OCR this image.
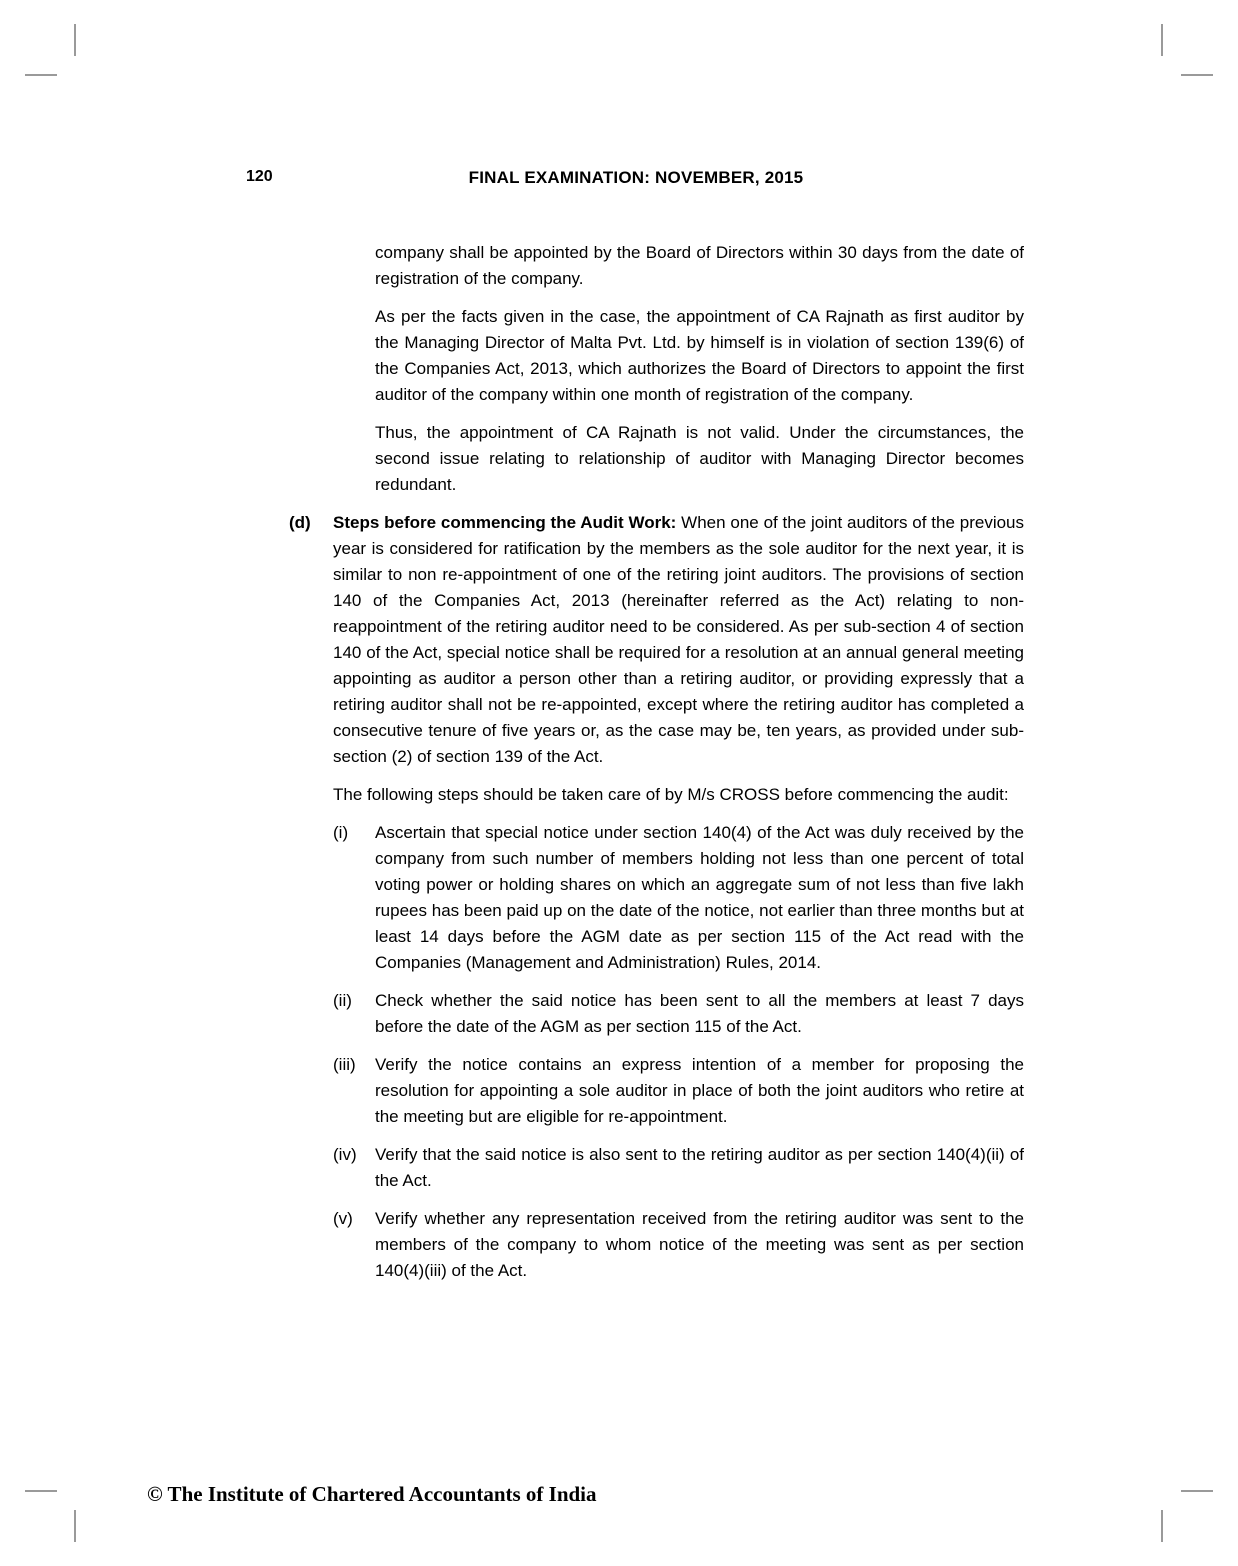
120	FINAL EXAMINATION: NOVEMBER, 2015

company shall be appointed by the Board of Directors within 30 days from the date of registration of the company.

As per the facts given in the case, the appointment of CA Rajnath as first auditor by the Managing Director of Malta Pvt. Ltd. by himself is in violation of section 139(6) of the Companies Act, 2013, which authorizes the Board of Directors to appoint the first auditor of the company within one month of registration of the company.

Thus, the appointment of CA Rajnath is not valid. Under the circumstances, the second issue relating to relationship of auditor with Managing Director becomes redundant.

(d)	Steps before commencing the Audit Work: When one of the joint auditors of the previous year is considered for ratification by the members as the sole auditor for the next year, it is similar to non re-appointment of one of the retiring joint auditors. The provisions of section 140 of the Companies Act, 2013 (hereinafter referred as the Act) relating to non-reappointment of the retiring auditor need to be considered. As per sub-section 4 of section 140 of the Act, special notice shall be required for a resolution at an annual general meeting appointing as auditor a person other than a retiring auditor, or providing expressly that a retiring auditor shall not be re-appointed, except where the retiring auditor has completed a consecutive tenure of five years or, as the case may be, ten years, as provided under sub-section (2) of section 139 of the Act.

The following steps should be taken care of by M/s CROSS before commencing the audit:

(i)	Ascertain that special notice under section 140(4) of the Act was duly received by the company from such number of members holding not less than one percent of total voting power or holding shares on which an aggregate sum of not less than five lakh rupees has been paid up on the date of the notice, not earlier than three months but at least 14 days before the AGM date as per section 115 of the Act read with the Companies (Management and Administration) Rules, 2014.
(ii)	Check whether the said notice has been sent to all the members at least 7 days before the date of the AGM as per section 115 of the Act.
(iii)	Verify the notice contains an express intention of a member for proposing the resolution for appointing a sole auditor in place of both the joint auditors who retire at the meeting but are eligible for re-appointment.
(iv)	Verify that the said notice is also sent to the retiring auditor as per section 140(4)(ii) of the Act.
(v)	Verify whether any representation received from the retiring auditor was sent to the members of the company to whom notice of the meeting was sent as per section 140(4)(iii) of the Act.
© The Institute of Chartered Accountants of India
